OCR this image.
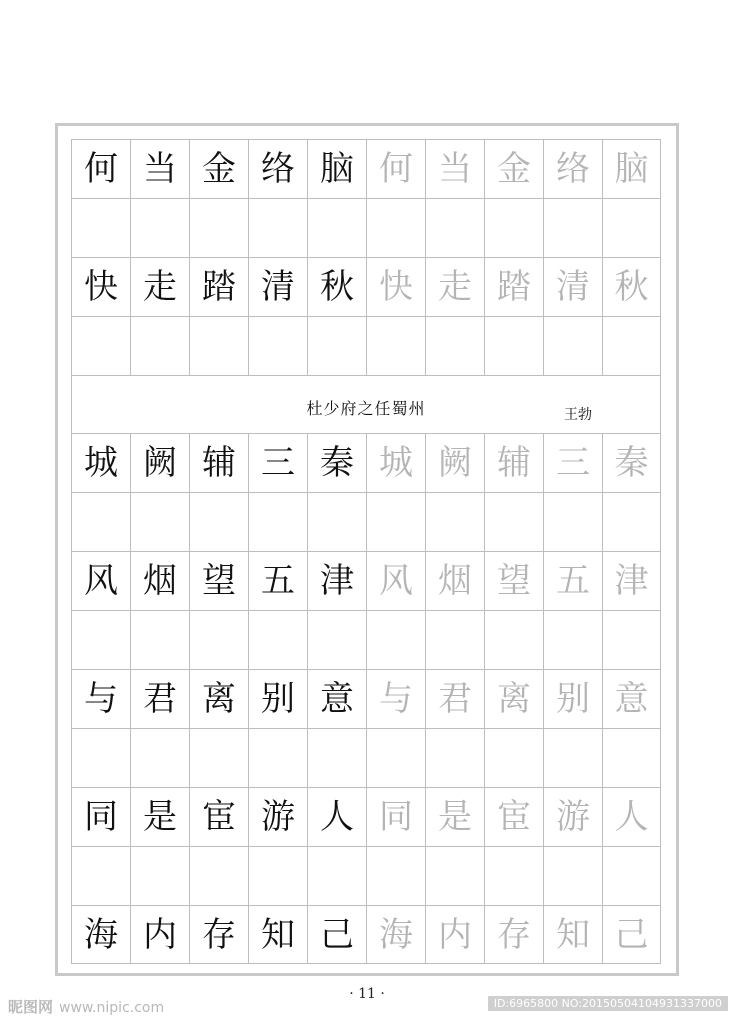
何 当 金 络 脑 何 当 金 络 脑
快 走 踏 清 秋 快 走 踏 清 秋
城 阙 辅 三 秦 城 阙 辅 三 秦
风 烟 望 五 津 风 烟 望 五 津
与 君 离 别 意 与 君 离 别 意
同 是 宦 游 人 同 是 宦 游 人
海 内 存 知 己 海 内 存 知 己
杜少府之任蜀州	王勃
· 11 ·
昵图网 www.nipic.com	ID:6965800 NO:20150504104931337000
